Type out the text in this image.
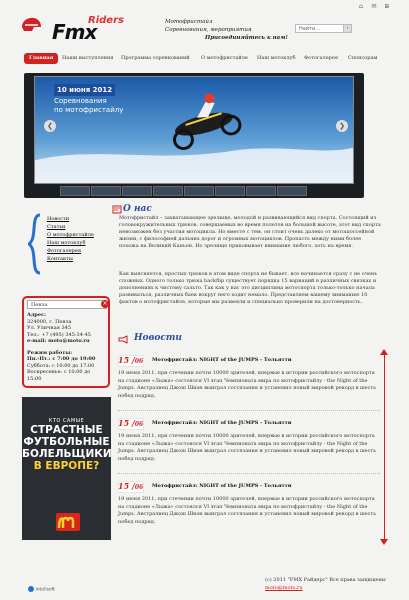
Fmx
Riders	Мотофристайл
Соревнования, мероприятия
Присоединяйтесь к нам!
Найти...	›
⌂ ✉ ⊞
Главная	Наши выступления Программа соревнований О мотофристайле Наш мотоклуб Фотогалерея Спонсорам
10 июня 2012
Соревнования
по мотофристайлу
❮	❯
Новости
Статьи
О мотофристайле
Наш мотоклуб
Фотогалерея
Контакты
Пенза	×
Адрес:
324000, г. Пенза
Ул. Уличная 345
Тел.: +7 (495) 345-34-45
e-mail: moto@moto.ru
Режим работы:
Пн.-Пт.: с 7:00 до 19:00
Суббота: с 10:00 до 17:00
Воскресенье: с 10:00 до 15:00
КТО САМЫЕ
СТРАСТНЫЕ
ФУТБОЛЬНЫЕ
БОЛЕЛЬЩИКИ
В ЕВРОПЕ?
О нас
Мотофристайл – захватывающее зрелище, молодой и развивающийся вид спорта. Состоящий из головокружительных трюков, совершаемых во время полетов на большой высоте, этот вид спорта невозможен без участия мотоцикла. Но вместе с тем, он стоит очень далеко от мотошоссейной жизни, с философией дальних дорог и огромных мотоциклов. Пропасть между ними более похожа на Великий Каньон. Но зрелище приковывает внимание любого, хоть на время.
Как выясняется, простых трюков в этом виде спорта не бывает, все начинается сразу с не очень сложных. Одного только трюка backflip существует порядка 15 вариаций в различных связках и дополнениях к чистому сальто. Так как у нас это дисциплина мотоспорта только-только начала развиваться, различных баек вокруг него ходит немало. Представляем вашему вниманию 10 фактов о мотофристайле, которые мы развеяли и специально проверили на достоверность.
Новости
15 /06 Мотофристайл: NIGHT of the JUMPS - Тольятти
19 июня 2011, при стечении почти 10000 зрителей, впервые в истории российского мотоспорта на стадионе «Лыжа» состоялся VI этап Чемпионата мира по мотофристайлу - the Night of the Jumps. Австралиец Джош Шиэн выиграл состязания и установил новый мировой рекорд в шесть побед подряд.
15 /06 Мотофристайл: NIGHT of the JUMPS - Тольятти
19 июня 2011, при стечении почти 10000 зрителей, впервые в истории российского мотоспорта на стадионе «Лыжа» состоялся VI этап Чемпионата мира по мотофристайлу - the Night of the Jumps. Австралиец Джош Шиэн выиграл состязания и установил новый мировой рекорд в шесть побед подряд.
15 /06 Мотофристайл: NIGHT of the JUMPS - Тольятти
19 июня 2011, при стечении почти 10000 зрителей, впервые в истории российского мотоспорта на стадионе «Лыжа» состоялся VI этап Чемпионата мира по мотофристайлу - the Night of the Jumps. Австралиец Джош Шиэн выиграл состязания и установил новый мировой рекорд в шесть побед подряд.
(c) 2011 "FMX Райдерс" Все права защищены
moto@moto.ru
intellsoft
